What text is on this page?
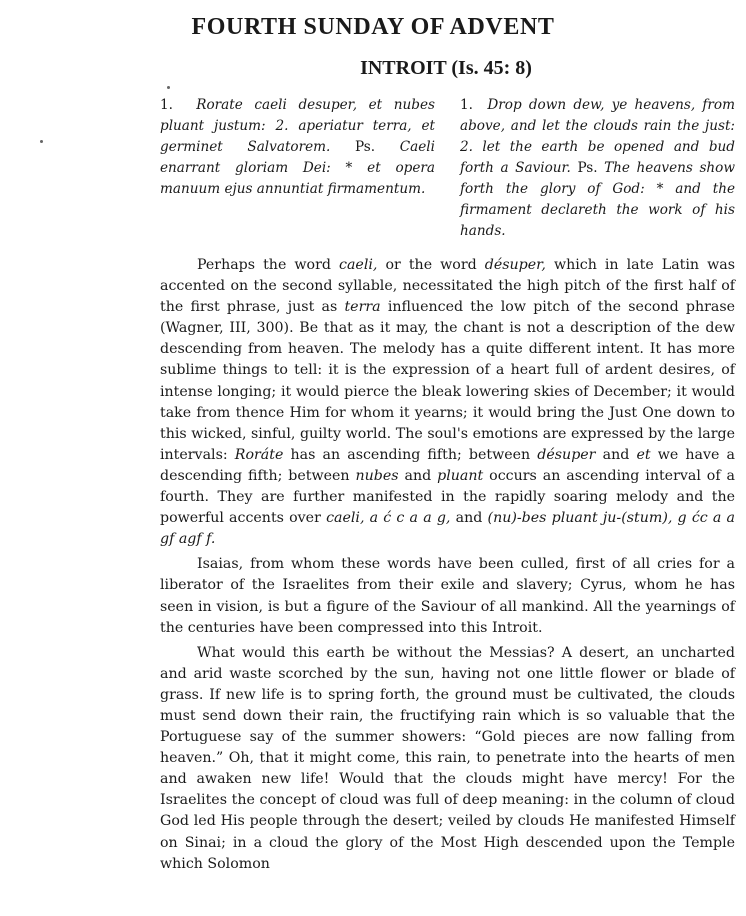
FOURTH SUNDAY OF ADVENT
INTROIT (Is. 45: 8)

1. Rorate caeli desuper, et nubes pluant justum: 2. aperiatur terra, et germinet Salvatorem. Ps. Caeli enarrant gloriam Dei: * et opera manuum ejus annuntiat firmamentum.

1. Drop down dew, ye heavens, from above, and let the clouds rain the just: 2. let the earth be opened and bud forth a Saviour. Ps. The heavens show forth the glory of God: * and the firmament declareth the work of his hands.

Perhaps the word caeli, or the word désuper, which in late Latin was accented on the second syllable, necessitated the high pitch of the first half of the first phrase, just as terra influenced the low pitch of the second phrase (Wagner, III, 300). Be that as it may, the chant is not a description of the dew descending from heaven. The melody has a quite different intent. It has more sublime things to tell: it is the expression of a heart full of ardent desires, of intense longing; it would pierce the bleak lowering skies of December; it would take from thence Him for whom it yearns; it would bring the Just One down to this wicked, sinful, guilty world. The soul's emotions are expressed by the large intervals: Roráte has an ascending fifth; between désuper and et we have a descending fifth; between nubes and pluant occurs an ascending interval of a fourth. They are further manifested in the rapidly soaring melody and the powerful accents over caeli, a ć c a a g, and (nu)-bes pluant ju-(stum), g ćc a a gf agf f.

Isaias, from whom these words have been culled, first of all cries for a liberator of the Israelites from their exile and slavery; Cyrus, whom he has seen in vision, is but a figure of the Saviour of all mankind. All the yearnings of the centuries have been compressed into this Introit.

What would this earth be without the Messias? A desert, an uncharted and arid waste scorched by the sun, having not one little flower or blade of grass. If new life is to spring forth, the ground must be cultivated, the clouds must send down their rain, the fructifying rain which is so valuable that the Portuguese say of the summer showers: “Gold pieces are now falling from heaven.” Oh, that it might come, this rain, to penetrate into the hearts of men and awaken new life! Would that the clouds might have mercy! For the Israelites the concept of cloud was full of deep meaning: in the column of cloud God led His people through the desert; veiled by clouds He manifested Himself on Sinai; in a cloud the glory of the Most High descended upon the Temple which Solomon
